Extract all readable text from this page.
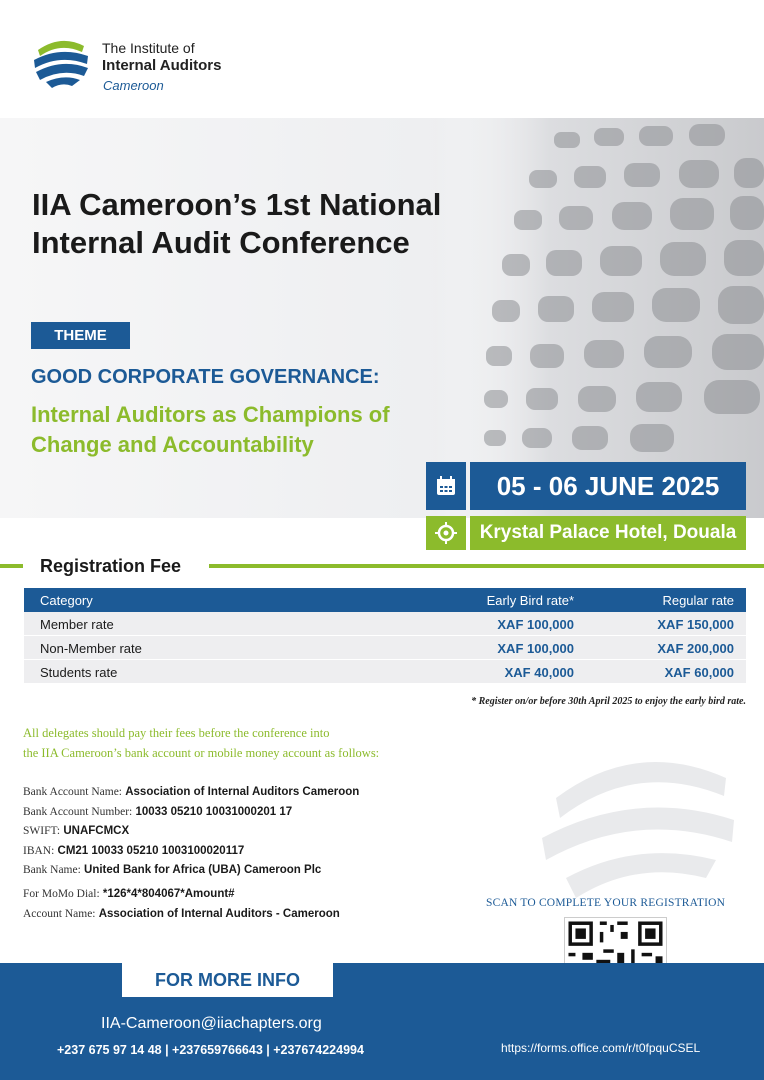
The Institute of
Internal Auditors
Cameroon
IIA Cameroon’s 1st National Internal Audit Conference
THEME
GOOD CORPORATE GOVERNANCE:
Internal Auditors as Champions of Change and Accountability
05 - 06 JUNE 2025
Krystal Palace Hotel, Douala
Registration Fee
Category	Early Bird rate*	Regular rate
Member rate	XAF 100,000	XAF 150,000
Non-Member rate	XAF 100,000	XAF 200,000
Students rate	XAF 40,000	XAF 60,000
* Register on/or before 30th April 2025 to enjoy the early bird rate.
All delegates should pay their fees before the conference into
the IIA Cameroon’s bank account or mobile money account as follows:
Bank Account Name: Association of Internal Auditors Cameroon
Bank Account Number: 10033 05210 10031000201 17
SWIFT: UNAFCMCX
IBAN: CM21 10033 05210 1003100020117
Bank Name: United Bank for Africa (UBA) Cameroon Plc
For MoMo Dial: *126*4*804067*Amount#
Account Name: Association of Internal Auditors - Cameroon
SCAN TO COMPLETE YOUR REGISTRATION
FOR MORE INFO
IIA-Cameroon@iiachapters.org
+237 675 97 14 48 | +237659766643 | +237674224994	https://forms.office.com/r/t0fpquCSEL
